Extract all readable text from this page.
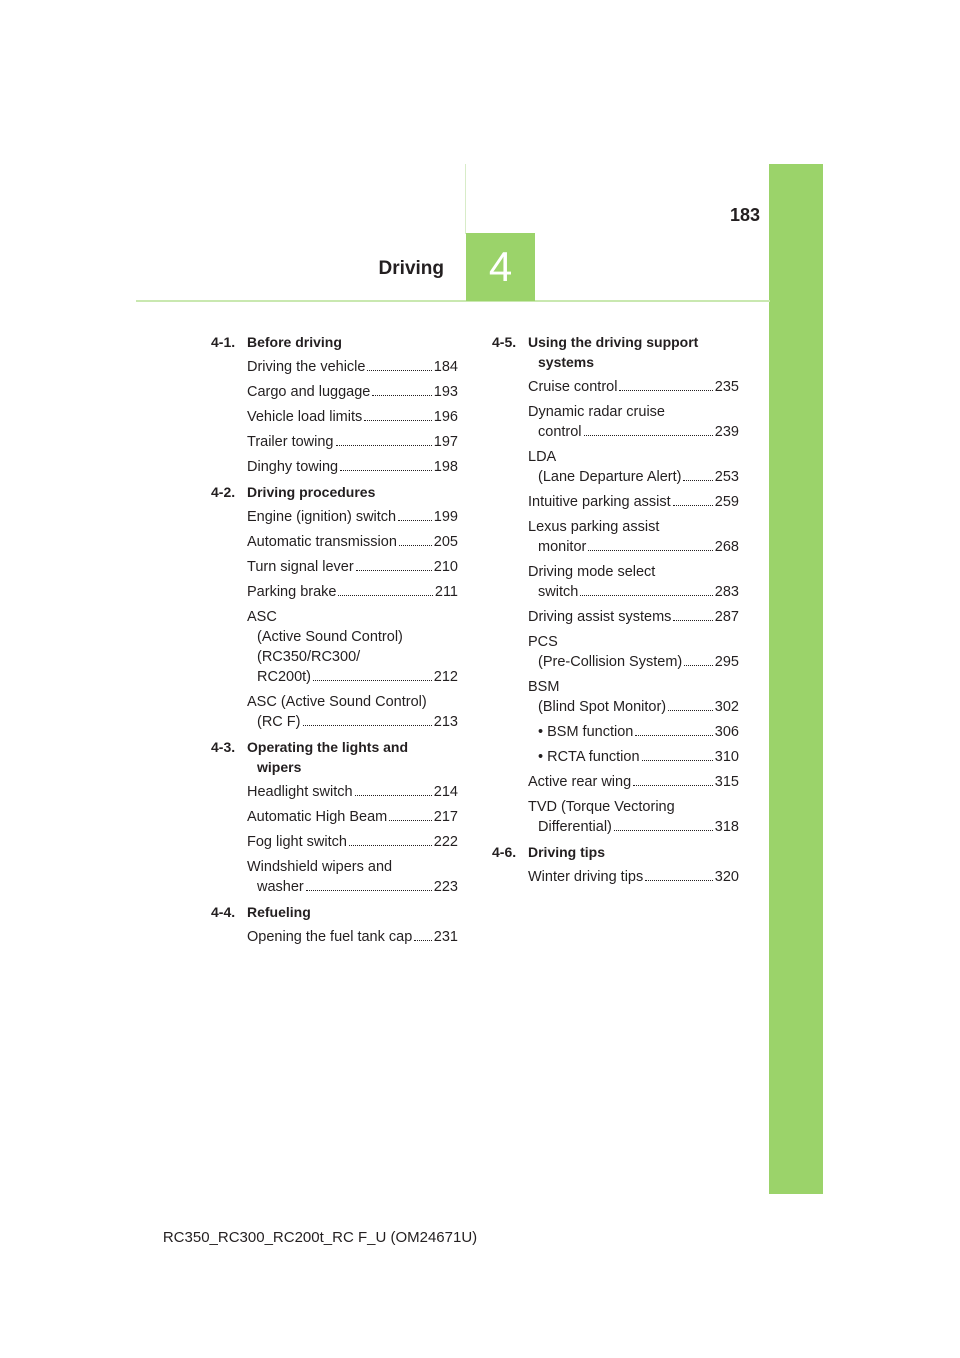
183
Driving	4
4-1. Before driving
Driving the vehicle	184
Cargo and luggage	193
Vehicle load limits	196
Trailer towing	197
Dinghy towing	198
4-2. Driving procedures
Engine (ignition) switch	199
Automatic transmission	205
Turn signal lever	210
Parking brake	211
ASC
(Active Sound Control)
(RC350/RC300/
RC200t)	212
ASC (Active Sound Control)
(RC F)	213
4-3. Operating the lights and
wipers
Headlight switch	214
Automatic High Beam	217
Fog light switch	222
Windshield wipers and
washer	223
4-4. Refueling
Opening the fuel tank cap 231
4-5. Using the driving support
systems
Cruise control	235
Dynamic radar cruise
control	239
LDA
(Lane Departure Alert) 253
Intuitive parking assist	259
Lexus parking assist
monitor	268
Driving mode select
switch	283
Driving assist systems	287
PCS
(Pre-Collision System) 295
BSM
(Blind Spot Monitor)	302
• BSM function	306
• RCTA function	310
Active rear wing	315
TVD (Torque Vectoring
Differential)	318
4-6. Driving tips
Winter driving tips	320
RC350_RC300_RC200t_RC F_U (OM24671U)
